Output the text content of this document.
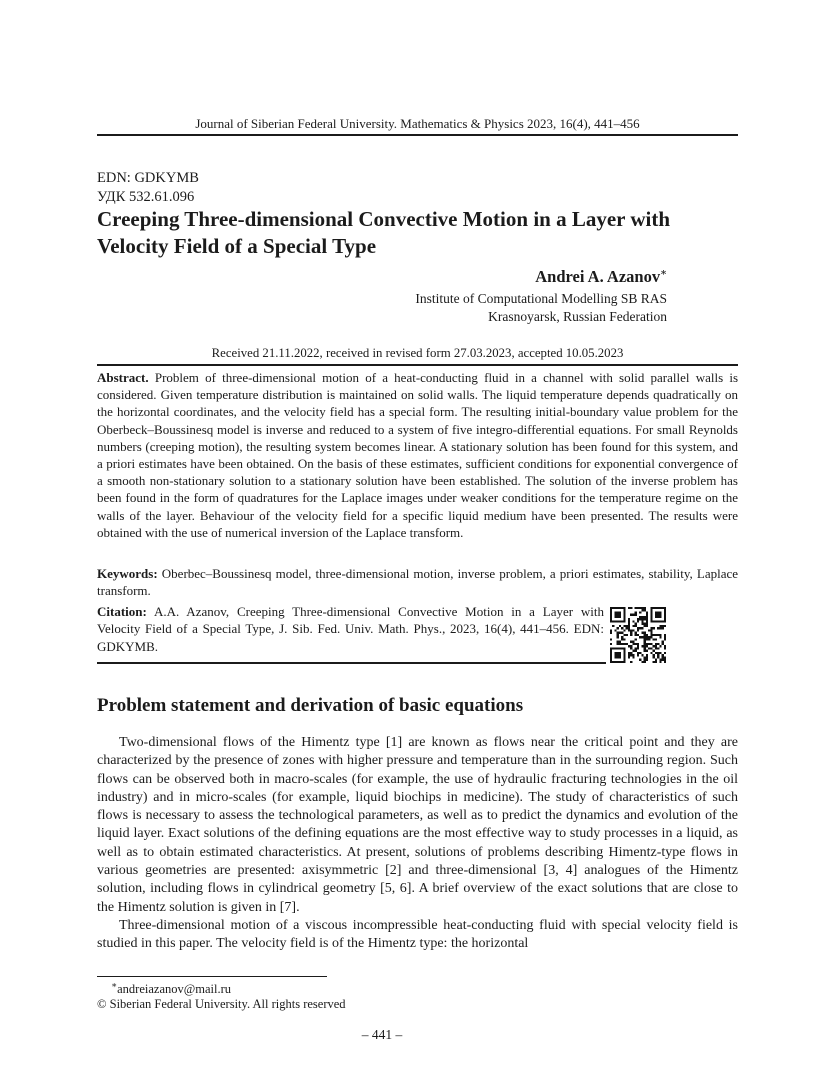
Journal of Siberian Federal University. Mathematics & Physics 2023, 16(4), 441–456
EDN: GDKYMB
УДК 532.61.096
Creeping Three-dimensional Convective Motion in a Layer with Velocity Field of a Special Type
Andrei A. Azanov∗
Institute of Computational Modelling SB RAS
Krasnoyarsk, Russian Federation
Received 21.11.2022, received in revised form 27.03.2023, accepted 10.05.2023

Abstract. Problem of three-dimensional motion of a heat-conducting fluid in a channel with solid parallel walls is considered. Given temperature distribution is maintained on solid walls. The liquid temperature depends quadratically on the horizontal coordinates, and the velocity field has a special form. The resulting initial-boundary value problem for the Oberbeck–Boussinesq model is inverse and reduced to a system of five integro-differential equations. For small Reynolds numbers (creeping motion), the resulting system becomes linear. A stationary solution has been found for this system, and a priori estimates have been obtained. On the basis of these estimates, sufficient conditions for exponential convergence of a smooth non-stationary solution to a stationary solution have been established. The solution of the inverse problem has been found in the form of quadratures for the Laplace images under weaker conditions for the temperature regime on the walls of the layer. Behaviour of the velocity field for a specific liquid medium have been presented. The results were obtained with the use of numerical inversion of the Laplace transform.

Keywords: Oberbec–Boussinesq model, three-dimensional motion, inverse problem, a priori estimates, stability, Laplace transform.

Citation: A.A. Azanov, Creeping Three-dimensional Convective Motion in a Layer with Velocity Field of a Special Type, J. Sib. Fed. Univ. Math. Phys., 2023, 16(4), 441–456. EDN: GDKYMB.

Problem statement and derivation of basic equations

Two-dimensional flows of the Himentz type [1] are known as flows near the critical point and they are characterized by the presence of zones with higher pressure and temperature than in the surrounding region. Such flows can be observed both in macro-scales (for example, the use of hydraulic fracturing technologies in the oil industry) and in micro-scales (for example, liquid biochips in medicine). The study of characteristics of such flows is necessary to assess the technological parameters, as well as to predict the dynamics and evolution of the liquid layer. Exact solutions of the defining equations are the most effective way to study processes in a liquid, as well as to obtain estimated characteristics. At present, solutions of problems describing Himentz-type flows in various geometries are presented: axisymmetric [2] and three-dimensional [3, 4] analogues of the Himentz solution, including flows in cylindrical geometry [5, 6]. A brief overview of the exact solutions that are close to the Himentz solution is given in [7].

Three-dimensional motion of a viscous incompressible heat-conducting fluid with special velocity field is studied in this paper. The velocity field is of the Himentz type: the horizontal

∗andreiazanov@mail.ru
© Siberian Federal University. All rights reserved
– 441 –
